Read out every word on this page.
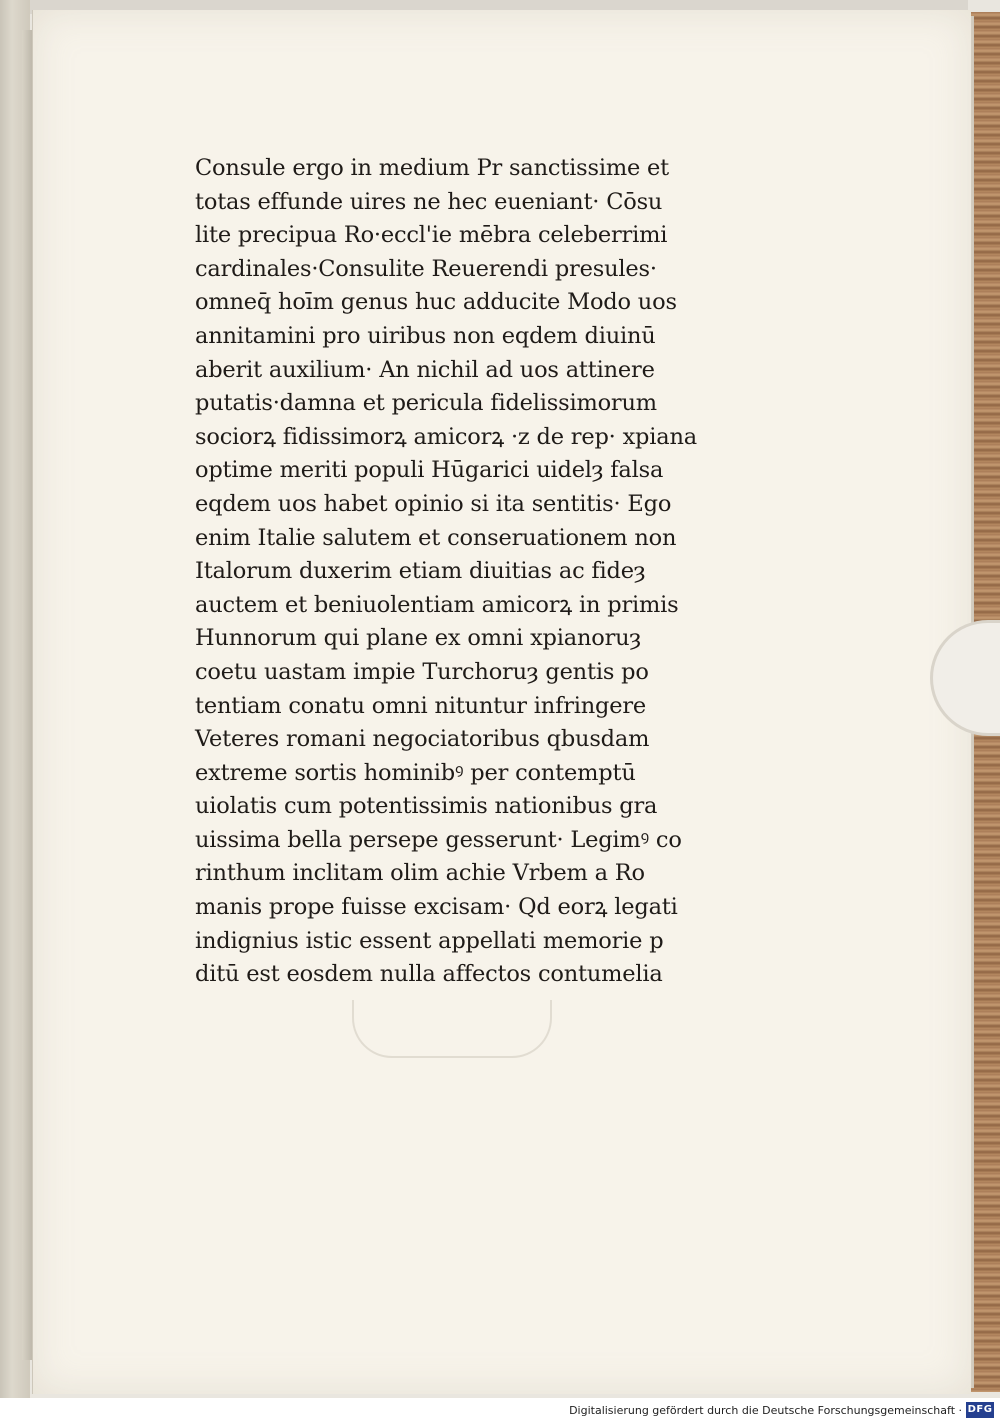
Consule ergo in medium Pr sanctissime et
totas effunde uires ne hec eueniant· Cōsu
lite precipua Ro·eccl'ie mēbra celeberrimi
cardinales·Consulite Reuerendi presules·
omneq̄ hoīm genus huc adducite Modo uos
annitamini pro uiribus non eqdem diuinū
aberit auxilium· An nichil ad uos attinere
putatis·damna et pericula fidelissimorum
sociorꝝ fidissimorꝝ amicorꝝ ·z de rep· xpiana
optime meriti populi Hūgarici uidelȝ falsa
eqdem uos habet opinio si ita sentitis· Ego
enim Italie salutem et conseruationem non
Italorum duxerim etiam diuitias ac fideȝ
auctem et beniuolentiam amicorꝝ in primis
Hunnorum qui plane ex omni xpianoruȝ
coetu uastam impie Turchoruȝ gentis po
tentiam conatu omni nituntur infringere
Veteres romani negociatoribus qbusdam
extreme sortis hominibꝰ per contemptū
uiolatis cum potentissimis nationibus gra
uissima bella persepe gesserunt· Legimꝰ co
rinthum inclitam olim achie Vrbem a Ro
manis prope fuisse excisam· Qd eorꝝ legati
indignius istic essent appellati memorie p
ditū est eosdem nulla affectos contumelia
Digitalisierung gefördert durch die Deutsche Forschungsgemeinschaft · DFG
